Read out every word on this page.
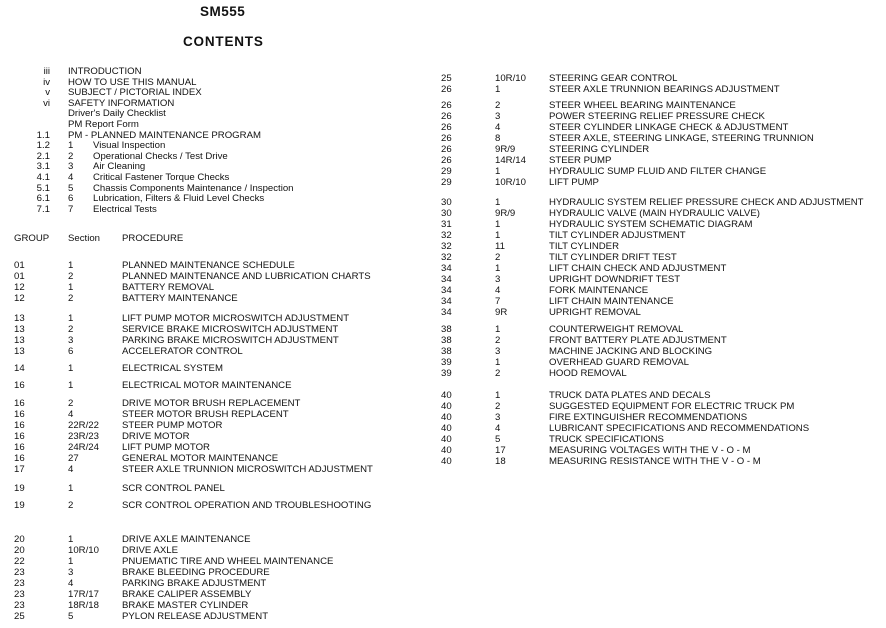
SM555
CONTENTS
iii INTRODUCTION
iv HOW TO USE THIS MANUAL
v SUBJECT / PICTORIAL INDEX
vi SAFETY INFORMATION
Driver's Daily Checklist
PM Report Form
1.1 PM - PLANNED MAINTENANCE PROGRAM
1.2 1 Visual Inspection
2.1 2 Operational Checks / Test Drive
3.1 3 Air Cleaning
4.1 4 Critical Fastener Torque Checks
5.1 5 Chassis Components Maintenance / Inspection
6.1 6 Lubrication, Filters & Fluid Level Checks
7.1 7 Electrical Tests
GROUP Section PROCEDURE
01	1	PLANNED MAINTENANCE SCHEDULE
01	2	PLANNED MAINTENANCE AND LUBRICATION CHARTS
12	1	BATTERY REMOVAL
12	2	BATTERY MAINTENANCE
13	1	LIFT PUMP MOTOR MICROSWITCH ADJUSTMENT
13	2	SERVICE BRAKE MICROSWITCH ADJUSTMENT
13	3	PARKING BRAKE MICROSWITCH ADJUSTMENT
13	6	ACCELERATOR CONTROL
14	1	ELECTRICAL SYSTEM
16	1	ELECTRICAL MOTOR MAINTENANCE
16	2	DRIVE MOTOR BRUSH REPLACEMENT
16	4	STEER MOTOR BRUSH REPLACENT
16	22R/22 STEER PUMP MOTOR
16	23R/23 DRIVE MOTOR
16	24R/24 LIFT PUMP MOTOR
16	27	GENERAL MOTOR MAINTENANCE
17	4	STEER AXLE TRUNNION MICROSWITCH ADJUSTMENT
19	1	SCR CONTROL PANEL
19	2	SCR CONTROL OPERATION AND TROUBLESHOOTING
20	1	DRIVE AXLE MAINTENANCE
20	10R/10 DRIVE AXLE
22	1	PNUEMATIC TIRE AND WHEEL MAINTENANCE
23	3	BRAKE BLEEDING PROCEDURE
23	4	PARKING BRAKE ADJUSTMENT
23	17R/17 BRAKE CALIPER ASSEMBLY
23	18R/18 BRAKE MASTER CYLINDER
25	5	PYLON RELEASE ADJUSTMENT
25	10R/10 STEERING GEAR CONTROL
26	1	STEER AXLE TRUNNION BEARINGS ADJUSTMENT
26	2	STEER WHEEL BEARING MAINTENANCE
26	3	POWER STEERING RELIEF PRESSURE CHECK
26	4	STEER CYLINDER LINKAGE CHECK & ADJUSTMENT
26	8	STEER AXLE, STEERING LINKAGE, STEERING TRUNNION
26	9R/9	STEERING CYLINDER
26	14R/14 STEER PUMP
29	1	HYDRAULIC SUMP FLUID AND FILTER CHANGE
29	10R/10 LIFT PUMP
30	1	HYDRAULIC SYSTEM RELIEF PRESSURE CHECK AND ADJUSTMENT
30	9R/9	HYDRAULIC VALVE (MAIN HYDRAULIC VALVE)
31	1	HYDRAULIC SYSTEM SCHEMATIC DIAGRAM
32	1	TILT CYLINDER ADJUSTMENT
32	11	TILT CYLINDER
32	2	TILT CYLINDER DRIFT TEST
34	1	LIFT CHAIN CHECK AND ADJUSTMENT
34	3	UPRIGHT DOWNDRIFT TEST
34	4	FORK MAINTENANCE
34	7	LIFT CHAIN MAINTENANCE
34	9R	UPRIGHT REMOVAL
38	1	COUNTERWEIGHT REMOVAL
38	2	FRONT BATTERY PLATE ADJUSTMENT
38	3	MACHINE JACKING AND BLOCKING
39	1	OVERHEAD GUARD REMOVAL
39	2	HOOD REMOVAL
40	1	TRUCK DATA PLATES AND DECALS
40	2	SUGGESTED EQUIPMENT FOR ELECTRIC TRUCK PM
40	3	FIRE EXTINGUISHER RECOMMENDATIONS
40	4	LUBRICANT SPECIFICATIONS AND RECOMMENDATIONS
40	5	TRUCK SPECIFICATIONS
40	17	MEASURING VOLTAGES WITH THE V - O - M
40	18	MEASURING RESISTANCE WITH THE V - O - M
